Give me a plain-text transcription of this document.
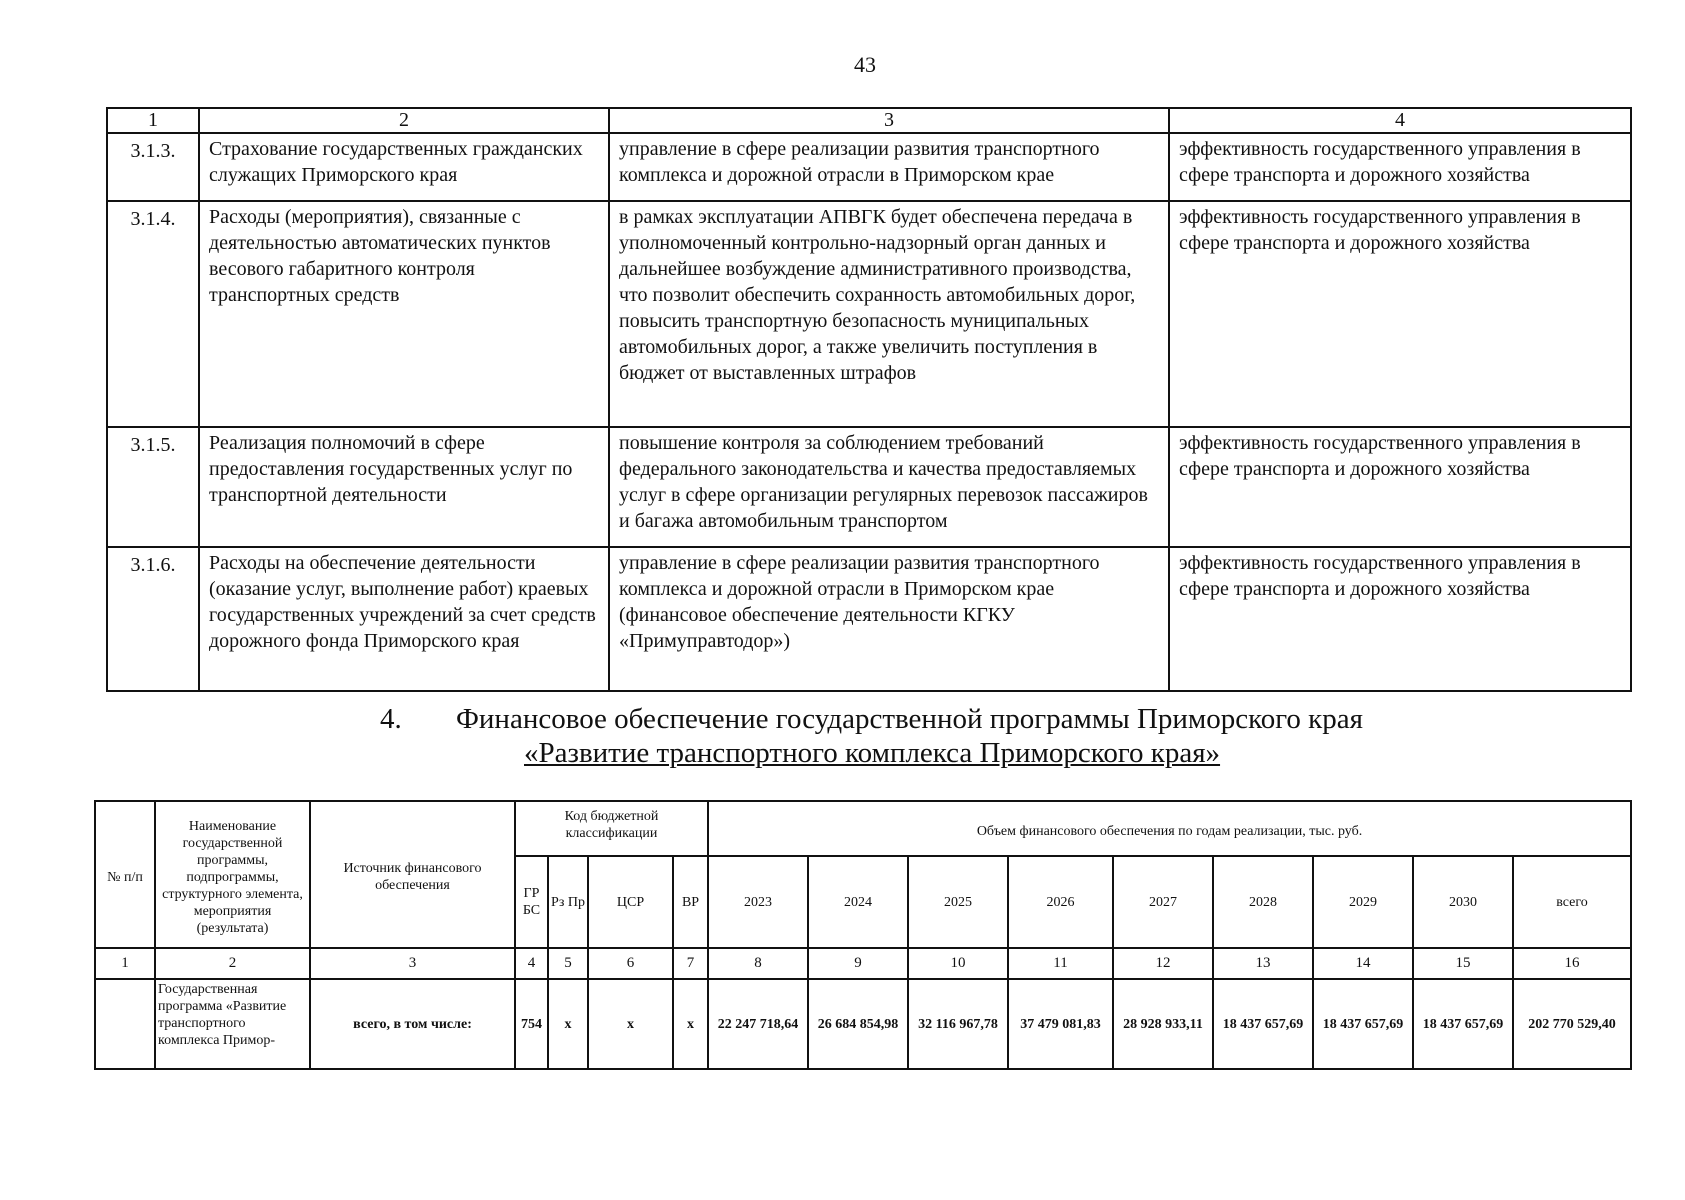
43
1	2	3	4
3.1.3.	Страхование государственных гражданских служащих Приморского края	управление в сфере реализации развития транспортного комплекса и дорожной отрасли в Приморском крае	эффективность государственного управления в сфере транспорта и дорожного хозяйства
3.1.4.	Расходы (мероприятия), связанные с деятельностью автоматических пунктов весового габаритного контроля транспортных средств	в рамках эксплуатации АПВГК будет обеспечена передача в уполномоченный контрольно-надзорный орган данных и дальнейшее возбуждение административного производства, что позволит обеспечить сохранность автомобильных дорог, повысить транспортную безопасность муниципальных автомобильных дорог, а также увеличить поступления в бюджет от выставленных штрафов	эффективность государственного управления в сфере транспорта и дорожного хозяйства
3.1.5.	Реализация полномочий в сфере предоставления государственных услуг по транспортной деятельности	повышение контроля за соблюдением требований федерального законодательства и качества предоставляемых услуг в сфере организации регулярных перевозок пассажиров и багажа автомобильным транспортом	эффективность государственного управления в сфере транспорта и дорожного хозяйства
3.1.6.	Расходы на обеспечение деятельности (оказание услуг, выполнение работ) краевых государственных учреждений за счет средств дорожного фонда Приморского края	управление в сфере реализации развития транспортного комплекса и дорожной отрасли в Приморском крае (финансовое обеспечение деятельности КГКУ «Примуправтодор»)	эффективность государственного управления в сфере транспорта и дорожного хозяйства
4. Финансовое обеспечение государственной программы Приморского края
«Развитие транспортного комплекса Приморского края»
№ п/п	Наименование государственной программы, подпрограммы, структурного элемента, мероприятия (результата)	Источник финансового обеспечения	Код бюджетной классификации				Объем финансового обеспечения по годам реализации, тыс. руб.								
			ГР БС	Рз Пр	ЦСР	ВР	2023	2024	2025	2026	2027	2028	2029	2030	всего
1	2	3	4	5	6	7	8	9	10	11	12	13	14	15	16
	Государственная программа «Развитие транспортного комплекса Примор-	всего, в том числе:	754	х	х	х	22 247 718,64	26 684 854,98	32 116 967,78	37 479 081,83	28 928 933,11	18 437 657,69	18 437 657,69	18 437 657,69	202 770 529,40
